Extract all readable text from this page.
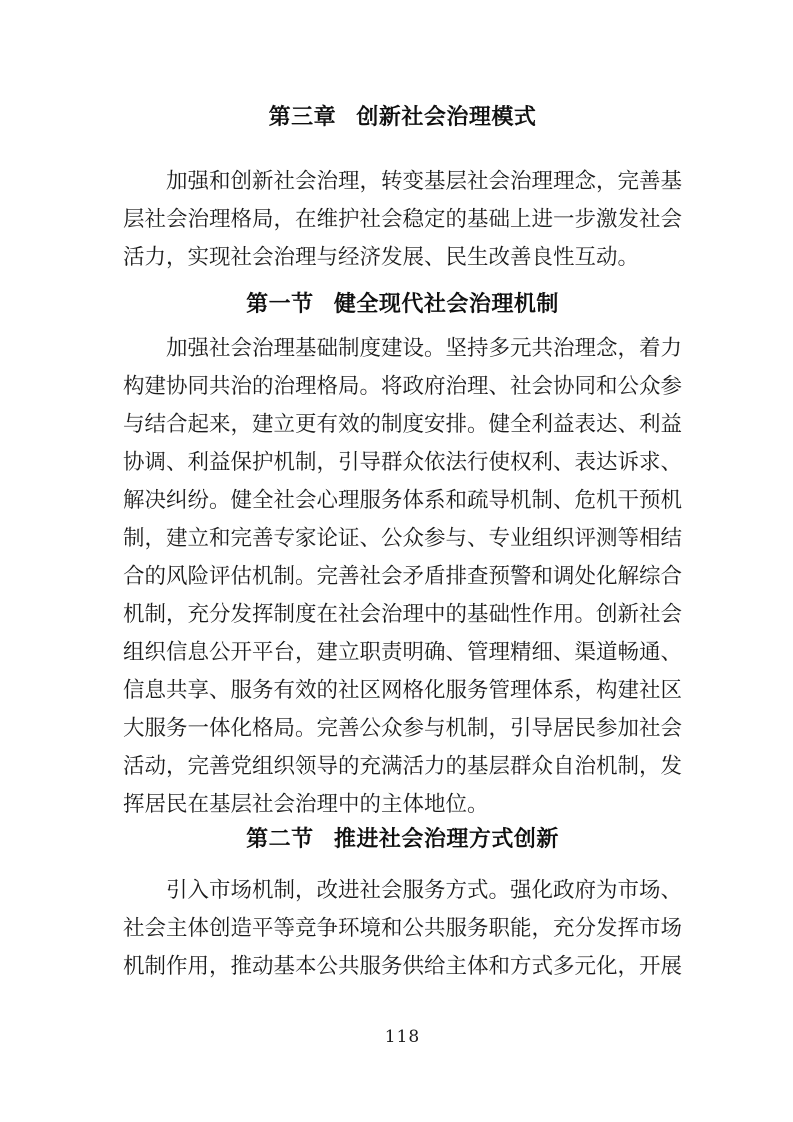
第三章 创新社会治理模式
加强和创新社会治理，转变基层社会治理理念，完善基
层社会治理格局，在维护社会稳定的基础上进一步激发社会
活力，实现社会治理与经济发展、民生改善良性互动。
第一节 健全现代社会治理机制
加强社会治理基础制度建设。坚持多元共治理念，着力
构建协同共治的治理格局。将政府治理、社会协同和公众参
与结合起来，建立更有效的制度安排。健全利益表达、利益
协调、利益保护机制，引导群众依法行使权利、表达诉求、
解决纠纷。健全社会心理服务体系和疏导机制、危机干预机
制，建立和完善专家论证、公众参与、专业组织评测等相结
合的风险评估机制。完善社会矛盾排查预警和调处化解综合
机制，充分发挥制度在社会治理中的基础性作用。创新社会
组织信息公开平台，建立职责明确、管理精细、渠道畅通、
信息共享、服务有效的社区网格化服务管理体系，构建社区
大服务一体化格局。完善公众参与机制，引导居民参加社会
活动，完善党组织领导的充满活力的基层群众自治机制，发
挥居民在基层社会治理中的主体地位。
第二节 推进社会治理方式创新
引入市场机制，改进社会服务方式。强化政府为市场、
社会主体创造平等竞争环境和公共服务职能，充分发挥市场
机制作用，推动基本公共服务供给主体和方式多元化，开展
118
